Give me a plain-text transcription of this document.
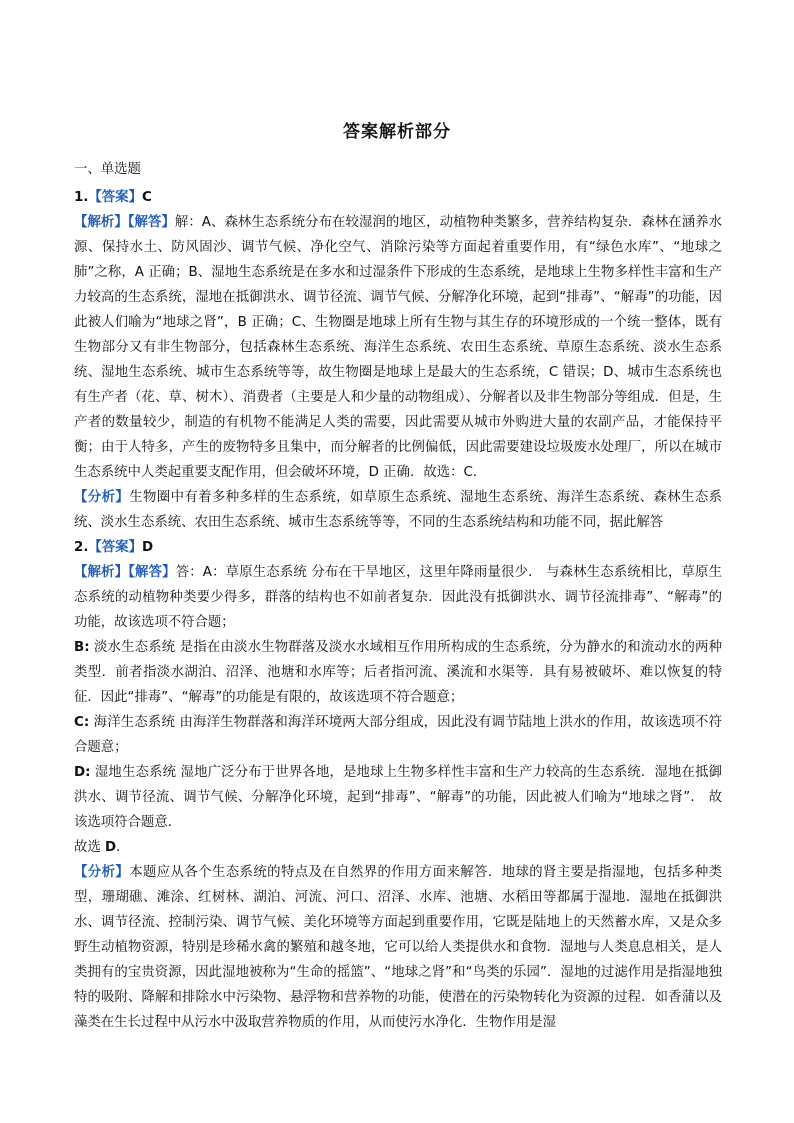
答案解析部分

一、单选题

1.【答案】C

【解析】【解答】解：A、森林生态系统分布在较湿润的地区，动植物种类繁多，营养结构复杂．森林在涵养水源、保持水土、防风固沙、调节气候、净化空气、消除污染等方面起着重要作用，有“绿色水库”、“地球之肺”之称，A 正确；B、湿地生态系统是在多水和过湿条件下形成的生态系统，是地球上生物多样性丰富和生产力较高的生态系统，湿地在抵御洪水、调节径流、调节气候、分解净化环境，起到“排毒”、“解毒”的功能，因此被人们喻为“地球之肾”，B 正确；C、生物圈是地球上所有生物与其生存的环境形成的一个统一整体，既有生物部分又有非生物部分，包括森林生态系统、海洋生态系统、农田生态系统、草原生态系统、淡水生态系统、湿地生态系统、城市生态系统等等，故生物圈是地球上是最大的生态系统，C 错误；D、城市生态系统也有生产者（花、草、树木）、消费者（主要是人和少量的动物组成）、分解者以及非生物部分等组成．但是，生产者的数量较少，制造的有机物不能满足人类的需要，因此需要从城市外购进大量的农副产品，才能保持平衡；由于人特多，产生的废物特多且集中，而分解者的比例偏低，因此需要建设垃圾废水处理厂，所以在城市生态系统中人类起重要支配作用，但会破坏环境，D 正确．故选：C．

【分析】生物圈中有着多种多样的生态系统，如草原生态系统、湿地生态系统、海洋生态系统、森林生态系统、淡水生态系统、农田生态系统、城市生态系统等等，不同的生态系统结构和功能不同，据此解答

2.【答案】D

【解析】【解答】答：A：草原生态系统 分布在干旱地区，这里年降雨量很少． 与森林生态系统相比，草原生态系统的动植物种类要少得多，群落的结构也不如前者复杂．因此没有抵御洪水、调节径流排毒”、“解毒”的功能，故该选项不符合题；

B: 淡水生态系统 是指在由淡水生物群落及淡水水域相互作用所构成的生态系统，分为静水的和流动水的两种类型．前者指淡水湖泊、沼泽、池塘和水库等；后者指河流、溪流和水渠等．具有易被破坏、难以恢复的特征．因此“排毒”、“解毒”的功能是有限的，故该选项不符合题意；

C: 海洋生态系统 由海洋生物群落和海洋环境两大部分组成，因此没有调节陆地上洪水的作用，故该选项不符合题意；

D: 湿地生态系统 湿地广泛分布于世界各地，是地球上生物多样性丰富和生产力较高的生态系统．湿地在抵御洪水、调节径流、调节气候、分解净化环境，起到“排毒”、“解毒”的功能，因此被人们喻为“地球之肾”． 故该选项符合题意．

故选 D．

【分析】本题应从各个生态系统的特点及在自然界的作用方面来解答．地球的肾主要是指湿地，包括多种类型，珊瑚礁、滩涂、红树林、湖泊、河流、河口、沼泽、水库、池塘、水稻田等都属于湿地．湿地在抵御洪水、调节径流、控制污染、调节气候、美化环境等方面起到重要作用，它既是陆地上的天然蓄水库，又是众多野生动植物资源，特别是珍稀水禽的繁殖和越冬地，它可以给人类提供水和食物．湿地与人类息息相关，是人类拥有的宝贵资源，因此湿地被称为“生命的摇篮”、“地球之肾”和“鸟类的乐园”．湿地的过滤作用是指湿地独特的吸附、降解和排除水中污染物、悬浮物和营养物的功能，使潜在的污染物转化为资源的过程．如香蒲以及藻类在生长过程中从污水中汲取营养物质的作用，从而使污水净化．生物作用是湿
